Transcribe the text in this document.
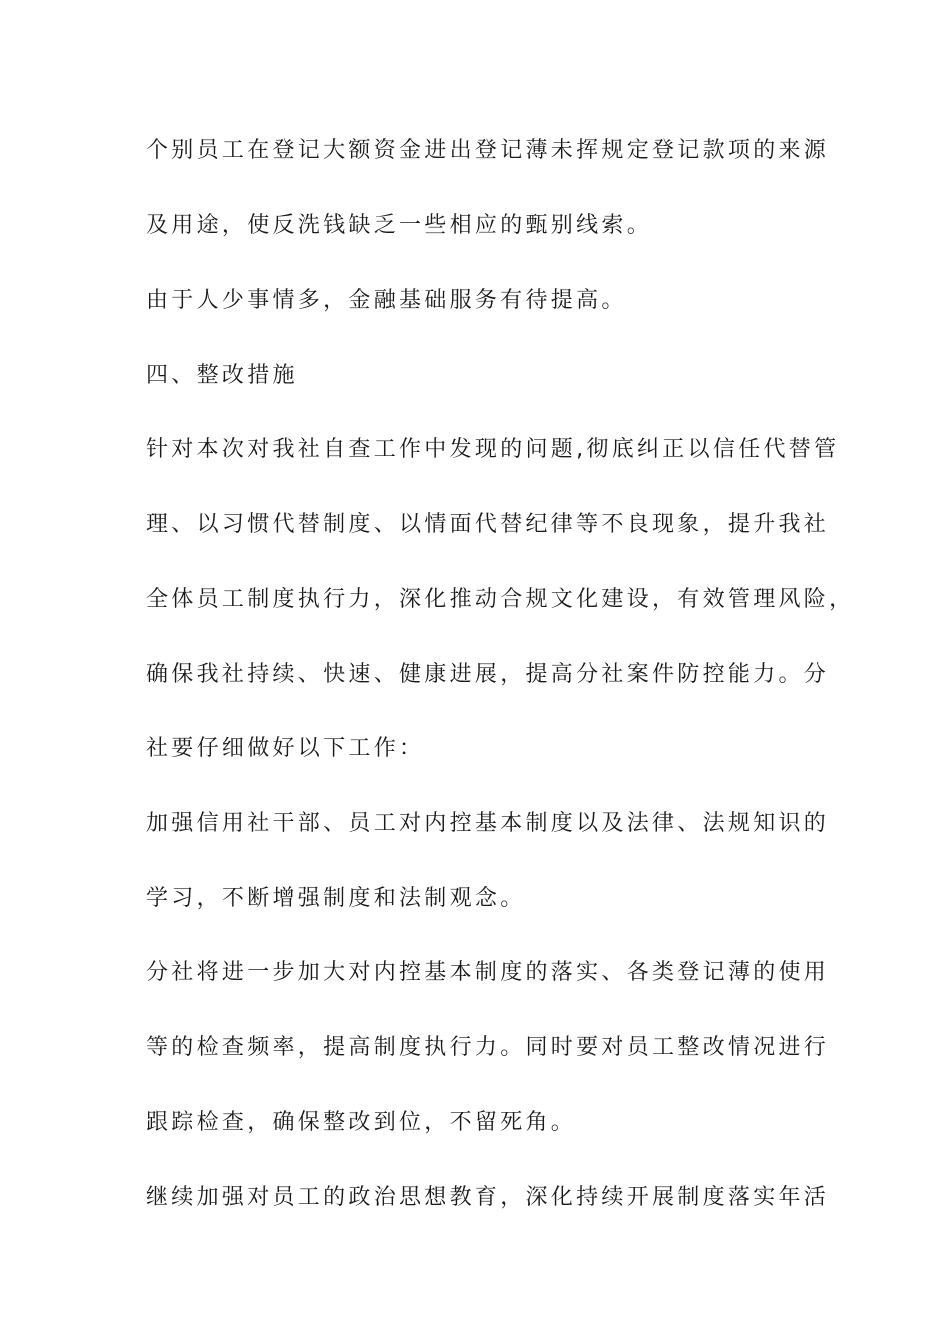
个别员工在登记大额资金进出登记薄未挥规定登记款项的来源
及用途，使反洗钱缺乏一些相应的甄别线索。
由于人少事情多，金融基础服务有待提高。
四、整改措施
针对本次对我社自查工作中发现的问题,彻底纠正以信任代替管
理、以习惯代替制度、以情面代替纪律等不良现象，提升我社
全体员工制度执行力，深化推动合规文化建设，有效管理风险，
确保我社持续、快速、健康进展，提高分社案件防控能力。分
社要仔细做好以下工作：
加强信用社干部、员工对内控基本制度以及法律、法规知识的
学习，不断增强制度和法制观念。
分社将进一步加大对内控基本制度的落实、各类登记薄的使用
等的检查频率，提高制度执行力。同时要对员工整改情况进行
跟踪检查，确保整改到位，不留死角。
继续加强对员工的政治思想教育，深化持续开展制度落实年活
